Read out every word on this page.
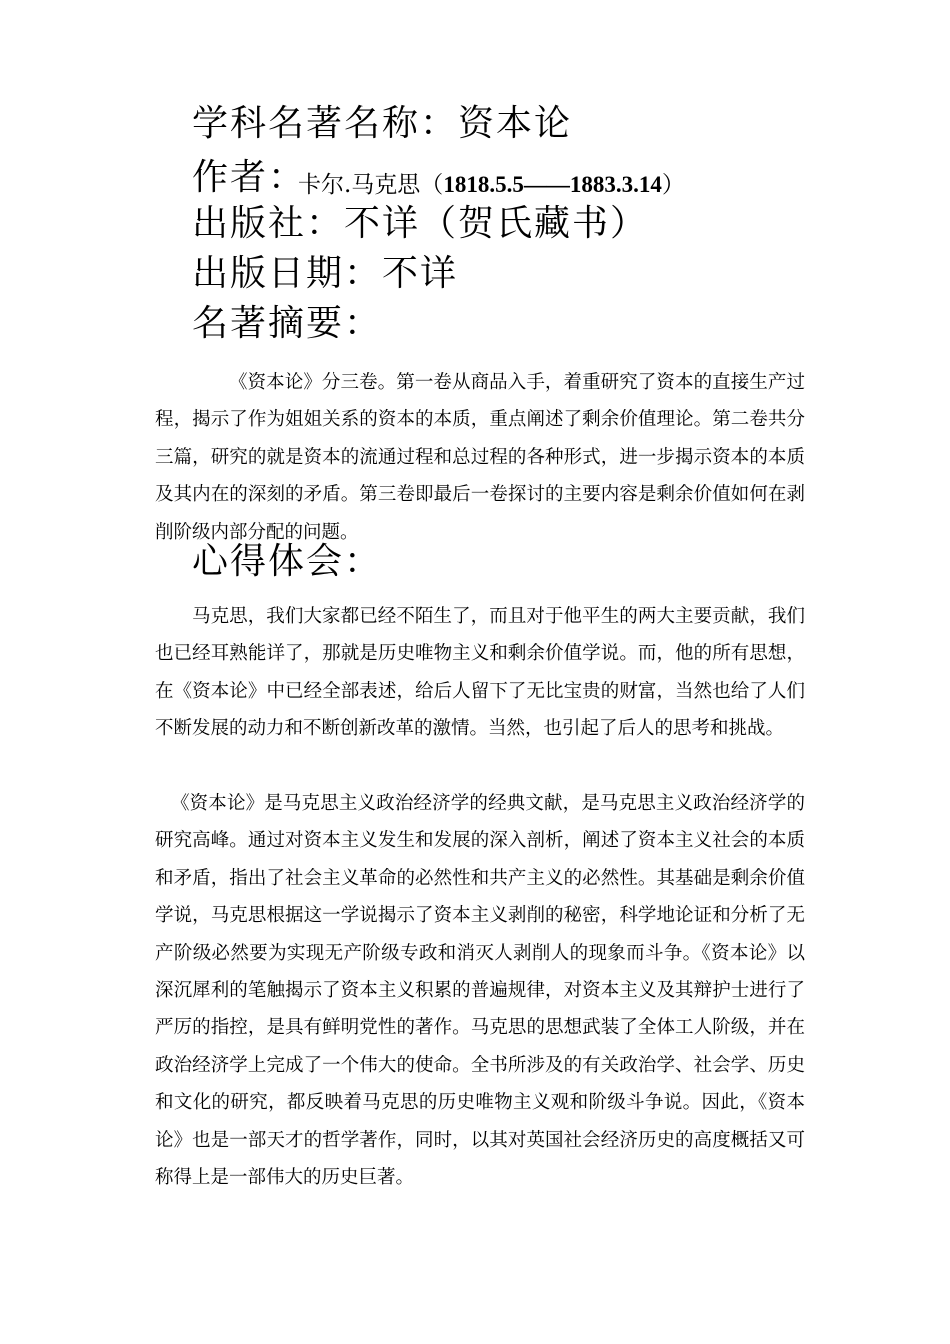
学科名著名称：资本论
作者：
卡尔.马克思（1818.5.5——1883.3.14）
出版社：不详（贺氏藏书）
出版日期：不详
名著摘要：

《资本论》分三卷。第一卷从商品入手，着重研究了资本的直接生产过程，揭示了作为姐姐关系的资本的本质，重点阐述了剩余价值理论。第二卷共分三篇，研究的就是资本的流通过程和总过程的各种形式，进一步揭示资本的本质及其内在的深刻的矛盾。第三卷即最后一卷探讨的主要内容是剩余价值如何在剥削阶级内部分配的问题。

心得体会：

马克思，我们大家都已经不陌生了，而且对于他平生的两大主要贡献，我们也已经耳熟能详了，那就是历史唯物主义和剩余价值学说。而，他的所有思想，在《资本论》中已经全部表述，给后人留下了无比宝贵的财富，当然也给了人们不断发展的动力和不断创新改革的激情。当然，也引起了后人的思考和挑战。

《资本论》是马克思主义政治经济学的经典文献，是马克思主义政治经济学的研究高峰。通过对资本主义发生和发展的深入剖析，阐述了资本主义社会的本质和矛盾，指出了社会主义革命的必然性和共产主义的必然性。其基础是剩余价值学说，马克思根据这一学说揭示了资本主义剥削的秘密，科学地论证和分析了无产阶级必然要为实现无产阶级专政和消灭人剥削人的现象而斗争。《资本论》以深沉犀利的笔触揭示了资本主义积累的普遍规律，对资本主义及其辩护士进行了严厉的指控，是具有鲜明党性的著作。马克思的思想武装了全体工人阶级，并在政治经济学上完成了一个伟大的使命。全书所涉及的有关政治学、社会学、历史和文化的研究，都反映着马克思的历史唯物主义观和阶级斗争说。因此，《资本论》也是一部天才的哲学著作，同时，以其对英国社会经济历史的高度概括又可称得上是一部伟大的历史巨著。
